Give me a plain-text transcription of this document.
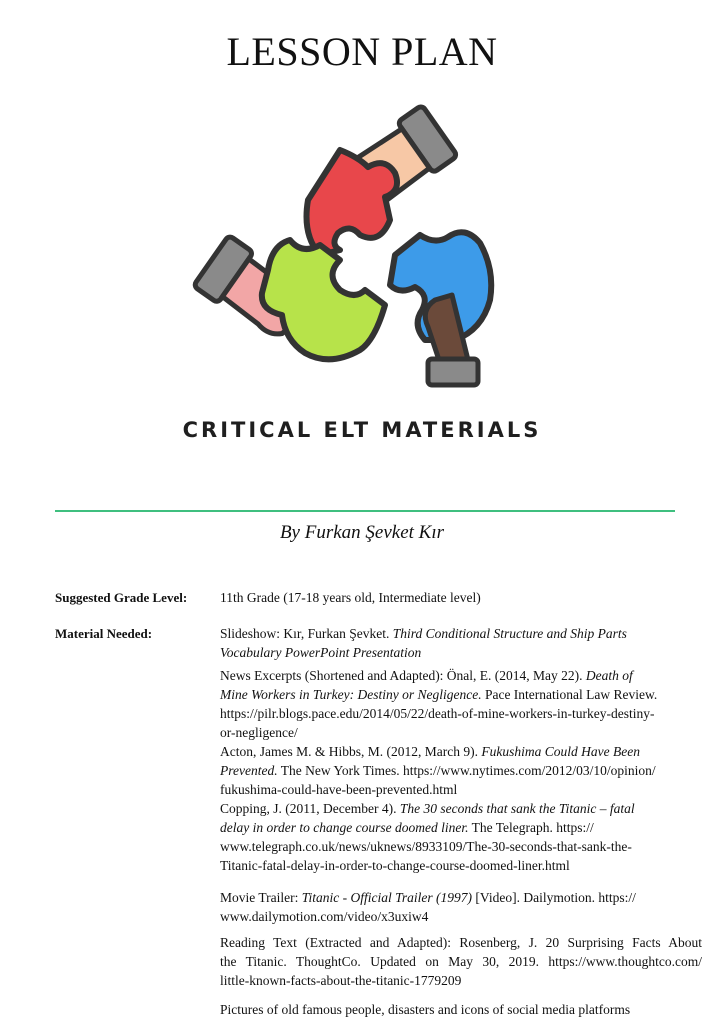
LESSON PLAN
CRITICAL ELT MATERIALS
By Furkan Şevket Kır
Suggested Grade Level: 11th Grade (17-18 years old, Intermediate level)
Material Needed:	Slideshow: Kır, Furkan Şevket. Third Conditional Structure and Ship Parts
Vocabulary PowerPoint Presentation
News Excerpts (Shortened and Adapted): Önal, E. (2014, May 22). Death of
Mine Workers in Turkey: Destiny or Negligence. Pace International Law Review.
https://pilr.blogs.pace.edu/2014/05/22/death-of-mine-workers-in-turkey-destiny-
or-negligence/
Acton, James M. & Hibbs, M. (2012, March 9). Fukushima Could Have Been
Prevented. The New York Times. https://www.nytimes.com/2012/03/10/opinion/
fukushima-could-have-been-prevented.html
Copping, J. (2011, December 4). The 30 seconds that sank the Titanic – fatal
delay in order to change course doomed liner. The Telegraph. https://
www.telegraph.co.uk/news/uknews/8933109/The-30-seconds-that-sank-the-
Titanic-fatal-delay-in-order-to-change-course-doomed-liner.html
Movie Trailer: Titanic - Official Trailer (1997) [Video]. Dailymotion. https://
www.dailymotion.com/video/x3uxiw4
Reading Text (Extracted and Adapted): Rosenberg, J. 20 Surprising Facts About
the Titanic. ThoughtCo. Updated on May 30, 2019. https://www.thoughtco.com/
little-known-facts-about-the-titanic-1779209
Pictures of old famous people, disasters and icons of social media platforms
